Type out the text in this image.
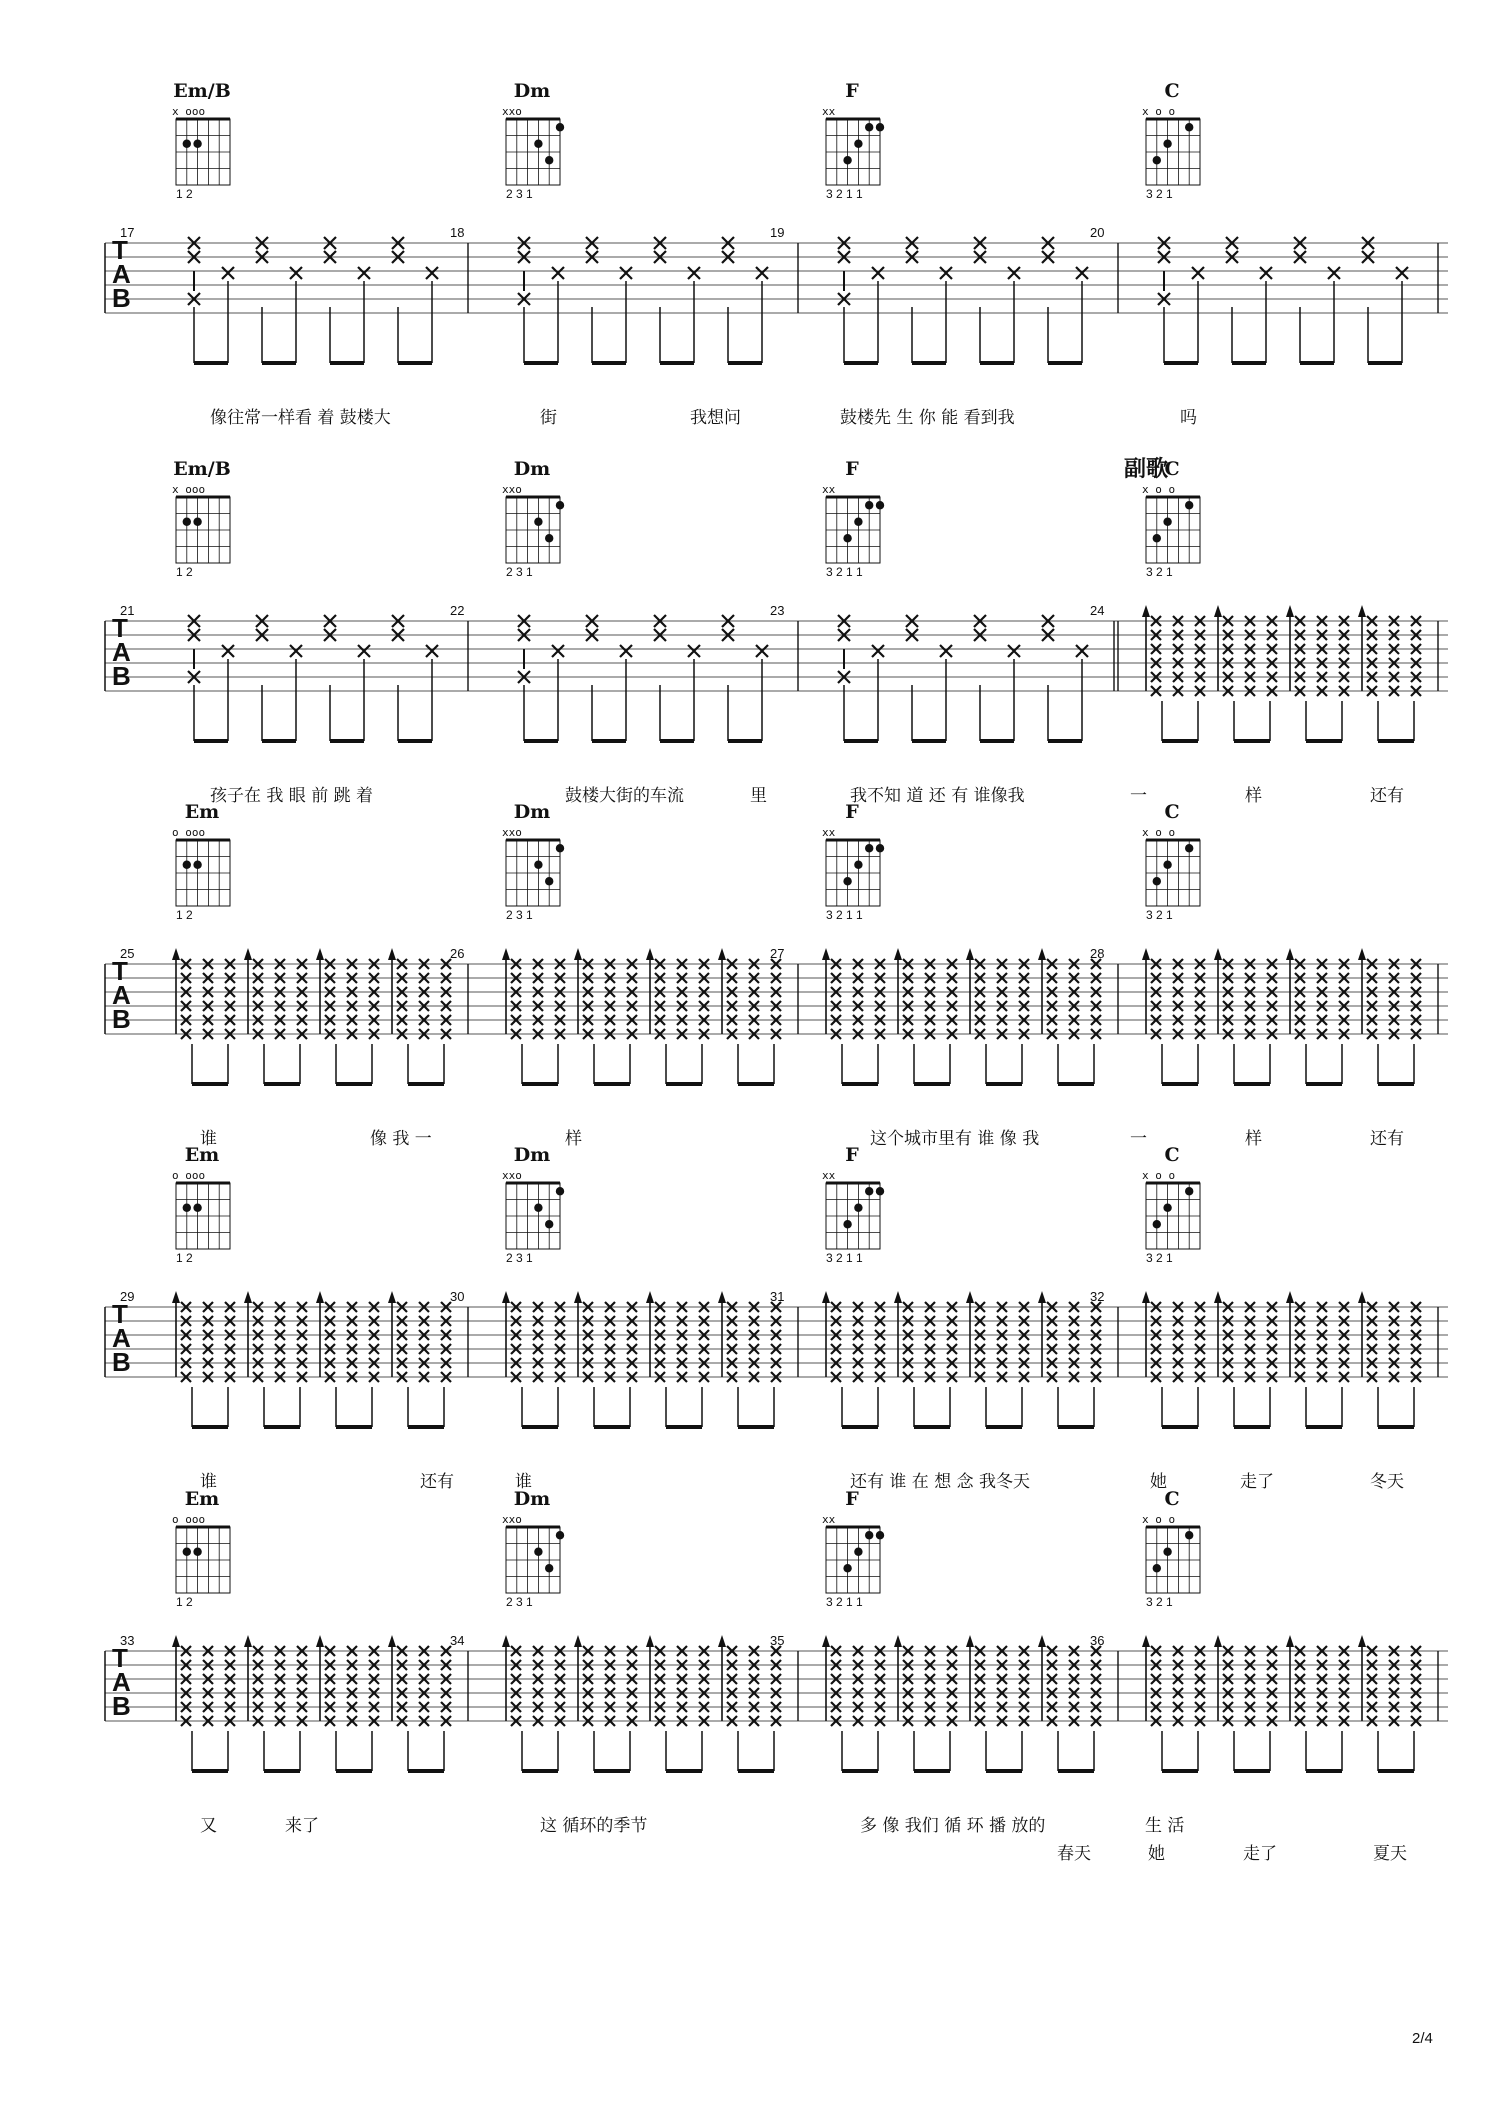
T
A
B
17
Em/B
x ooo
1 2
18
Dm
xxo
2 3 1
19
F
xx
3 2 1 1
20
C
x o o
3 2 1
像往常一样看 着 鼓楼大	街	我想问	鼓楼先 生 你 能 看到我	吗
T
A
B
21
Em/B
x ooo
1 2
22
Dm
xxo
2 3 1
23
F
xx
3 2 1 1
24
C
x o o
3 2 1
孩子在 我 眼 前 跳 着	鼓楼大街的车流	里	我不知 道 还 有 谁像我	一	样	还有
T
A
B
25
Em
o ooo
1 2
26
Dm
xxo
2 3 1
27
F
xx
3 2 1 1
28
C
x o o
3 2 1
谁	像 我 一	样	这个城市里有 谁 像 我	一	样	还有
T
A
B
29
Em
o ooo
1 2
30
Dm
xxo
2 3 1
31
F
xx
3 2 1 1
32
C
x o o
3 2 1
谁	还有	谁	还有 谁 在 想 念 我冬天	她	走了	冬天
T
A
B
33
Em
o ooo
1 2
34
Dm
xxo
2 3 1
35
F
xx
3 2 1 1
36
C
x o o
3 2 1
又	来了	这 循环的季节	多 像 我们 循 环 播 放的	生 活
春天	她	走了	夏天
副歌
2/4
